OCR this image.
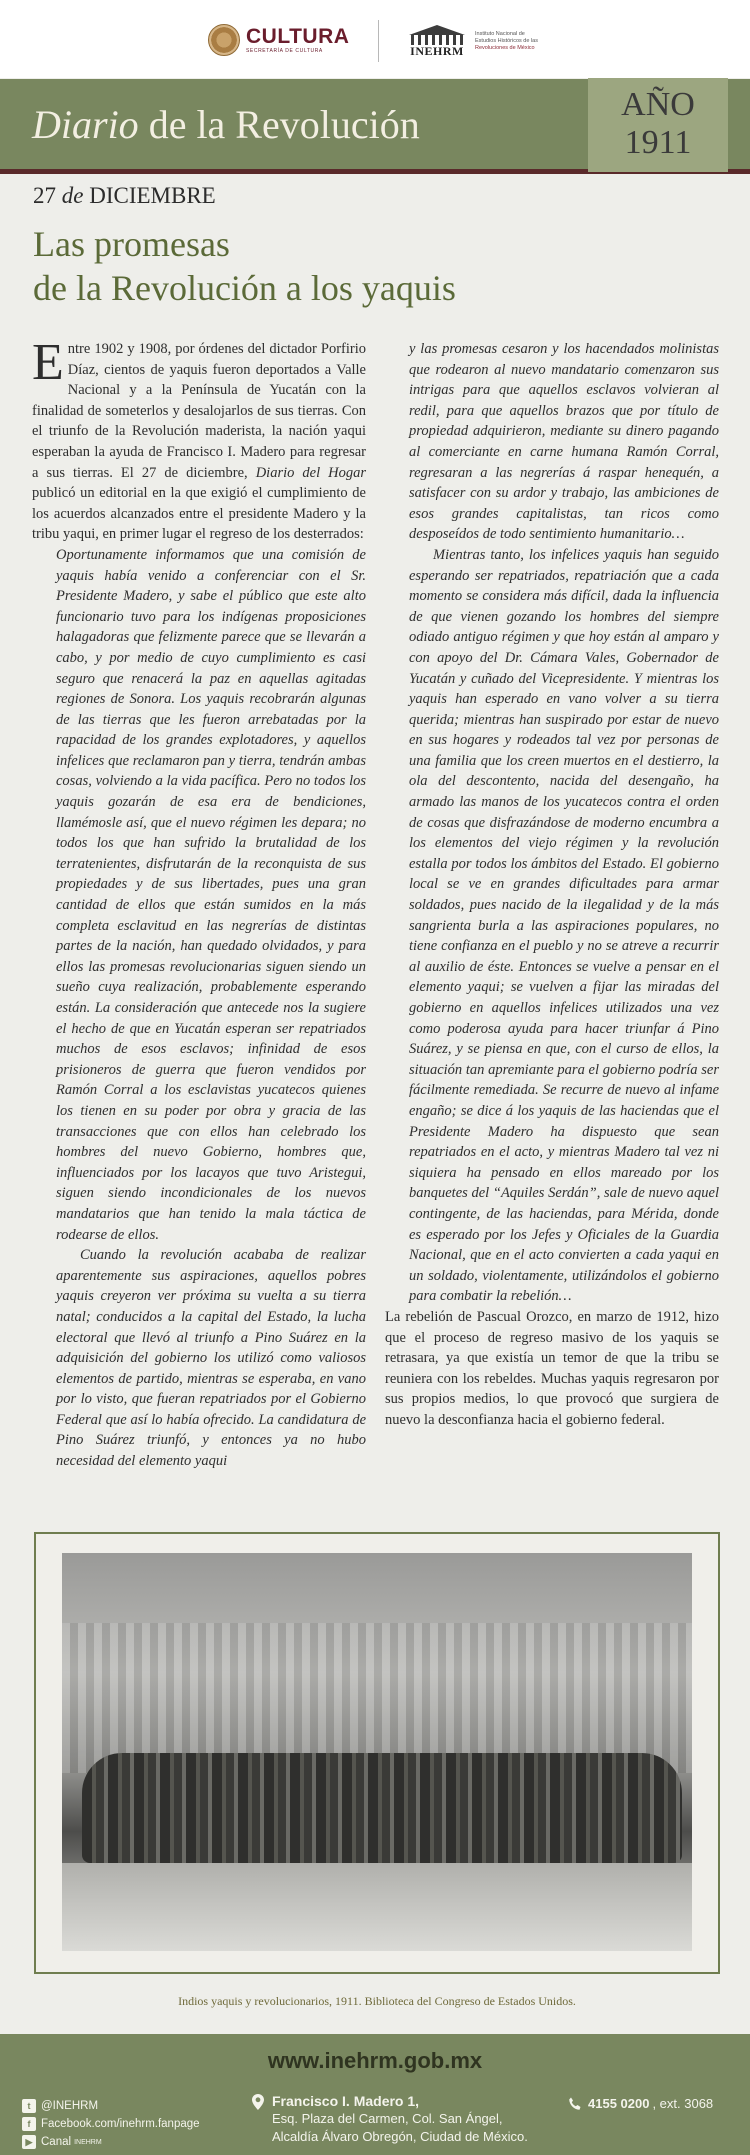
CULTURA
SECRETARÍA DE CULTURA	INEHRM
Instituto Nacional de
Estudios Históricos de las
Revoluciones de México
Diario de la Revolución	AÑO
1911
27 de DICIEMBRE
Las promesas
de la Revolución a los yaquis

Entre 1902 y 1908, por órdenes del dictador Porfirio Díaz, cientos de yaquis fueron deportados a Valle Nacional y a la Península de Yucatán con la finalidad de someterlos y desalojarlos de sus tierras. Con el triunfo de la Revolución maderista, la nación yaqui esperaban la ayuda de Francisco I. Madero para regresar a sus tierras. El 27 de diciembre, Diario del Hogar publicó un editorial en la que exigió el cumplimiento de los acuerdos alcanzados entre el presidente Madero y la tribu yaqui, en primer lugar el regreso de los desterrados:

Oportunamente informamos que una comisión de yaquis había venido a conferenciar con el Sr. Presidente Madero, y sabe el público que este alto funcionario tuvo para los indígenas proposiciones halagadoras que felizmente parece que se llevarán a cabo, y por medio de cuyo cumplimiento es casi seguro que renacerá la paz en aquellas agitadas regiones de Sonora. Los yaquis recobrarán algunas de las tierras que les fueron arrebatadas por la rapacidad de los grandes explotadores, y aquellos infelices que reclamaron pan y tierra, tendrán ambas cosas, volviendo a la vida pacífica. Pero no todos los yaquis gozarán de esa era de bendiciones, llamémosle así, que el nuevo régimen les depara; no todos los que han sufrido la brutalidad de los terratenientes, disfrutarán de la reconquista de sus propiedades y de sus libertades, pues una gran cantidad de ellos que están sumidos en la más completa esclavitud en las negrerías de distintas partes de la nación, han quedado olvidados, y para ellos las promesas revolucionarias siguen siendo un sueño cuya realización, probablemente esperando están. La consideración que antecede nos la sugiere el hecho de que en Yucatán esperan ser repatriados muchos de esos esclavos; infinidad de esos prisioneros de guerra que fueron vendidos por Ramón Corral a los esclavistas yucatecos quienes los tienen en su poder por obra y gracia de las transacciones que con ellos han celebrado los hombres del nuevo Gobierno, hombres que, influenciados por los lacayos que tuvo Aristegui, siguen siendo incondicionales de los nuevos mandatarios que han tenido la mala táctica de rodearse de ellos.

Cuando la revolución acababa de realizar aparentemente sus aspiraciones, aquellos pobres yaquis creyeron ver próxima su vuelta a su tierra natal; conducidos a la capital del Estado, la lucha electoral que llevó al triunfo a Pino Suárez en la adquisición del gobierno los utilizó como valiosos elementos de partido, mientras se esperaba, en vano por lo visto, que fueran repatriados por el Gobierno Federal que así lo había ofrecido. La candidatura de Pino Suárez triunfó, y entonces ya no hubo necesidad del elemento yaqui

y las promesas cesaron y los hacendados molinistas que rodearon al nuevo mandatario comenzaron sus intrigas para que aquellos esclavos volvieran al redil, para que aquellos brazos que por título de propiedad adquirieron, mediante su dinero pagando al comerciante en carne humana Ramón Corral, regresaran a las negrerías á raspar henequén, a satisfacer con su ardor y trabajo, las ambiciones de esos grandes capitalistas, tan ricos como desposeídos de todo sentimiento humanitario…

Mientras tanto, los infelices yaquis han seguido esperando ser repatriados, repatriación que a cada momento se considera más difícil, dada la influencia de que vienen gozando los hombres del siempre odiado antiguo régimen y que hoy están al amparo y con apoyo del Dr. Cámara Vales, Gobernador de Yucatán y cuñado del Vicepresidente. Y mientras los yaquis han esperado en vano volver a su tierra querida; mientras han suspirado por estar de nuevo en sus hogares y rodeados tal vez por personas de una familia que los creen muertos en el destierro, la ola del descontento, nacida del desengaño, ha armado las manos de los yucatecos contra el orden de cosas que disfrazándose de moderno encumbra a los elementos del viejo régimen y la revolución estalla por todos los ámbitos del Estado. El gobierno local se ve en grandes dificultades para armar soldados, pues nacido de la ilegalidad y de la más sangrienta burla a las aspiraciones populares, no tiene confianza en el pueblo y no se atreve a recurrir al auxilio de éste. Entonces se vuelve a pensar en el elemento yaqui; se vuelven a fijar las miradas del gobierno en aquellos infelices utilizados una vez como poderosa ayuda para hacer triunfar á Pino Suárez, y se piensa en que, con el curso de ellos, la situación tan apremiante para el gobierno podría ser fácilmente remediada. Se recurre de nuevo al infame engaño; se dice á los yaquis de las haciendas que el Presidente Madero ha dispuesto que sean repatriados en el acto, y mientras Madero tal vez ni siquiera ha pensado en ellos mareado por los banquetes del “Aquiles Serdán”, sale de nuevo aquel contingente, de las haciendas, para Mérida, donde es esperado por los Jefes y Oficiales de la Guardia Nacional, que en el acto convierten a cada yaqui en un soldado, violentamente, utilizándolos el gobierno para combatir la rebelión…

La rebelión de Pascual Orozco, en marzo de 1912, hizo que el proceso de regreso masivo de los yaquis se retrasara, ya que existía un temor de que la tribu se reuniera con los rebeldes. Muchas yaquis regresaron por sus propios medios, lo que provocó que surgiera de nuevo la desconfianza hacia el gobierno federal.

Indios yaquis y revolucionarios, 1911. Biblioteca del Congreso de Estados Unidos.
www.inehrm.gob.mx
t @INEHRM
f Facebook.com/inehrm.fanpage
▶ Canal INEHRM
Francisco I. Madero 1,
Esq. Plaza del Carmen, Col. San Ángel,
Alcaldía Álvaro Obregón, Ciudad de México.
4155 0200 , ext. 3068
